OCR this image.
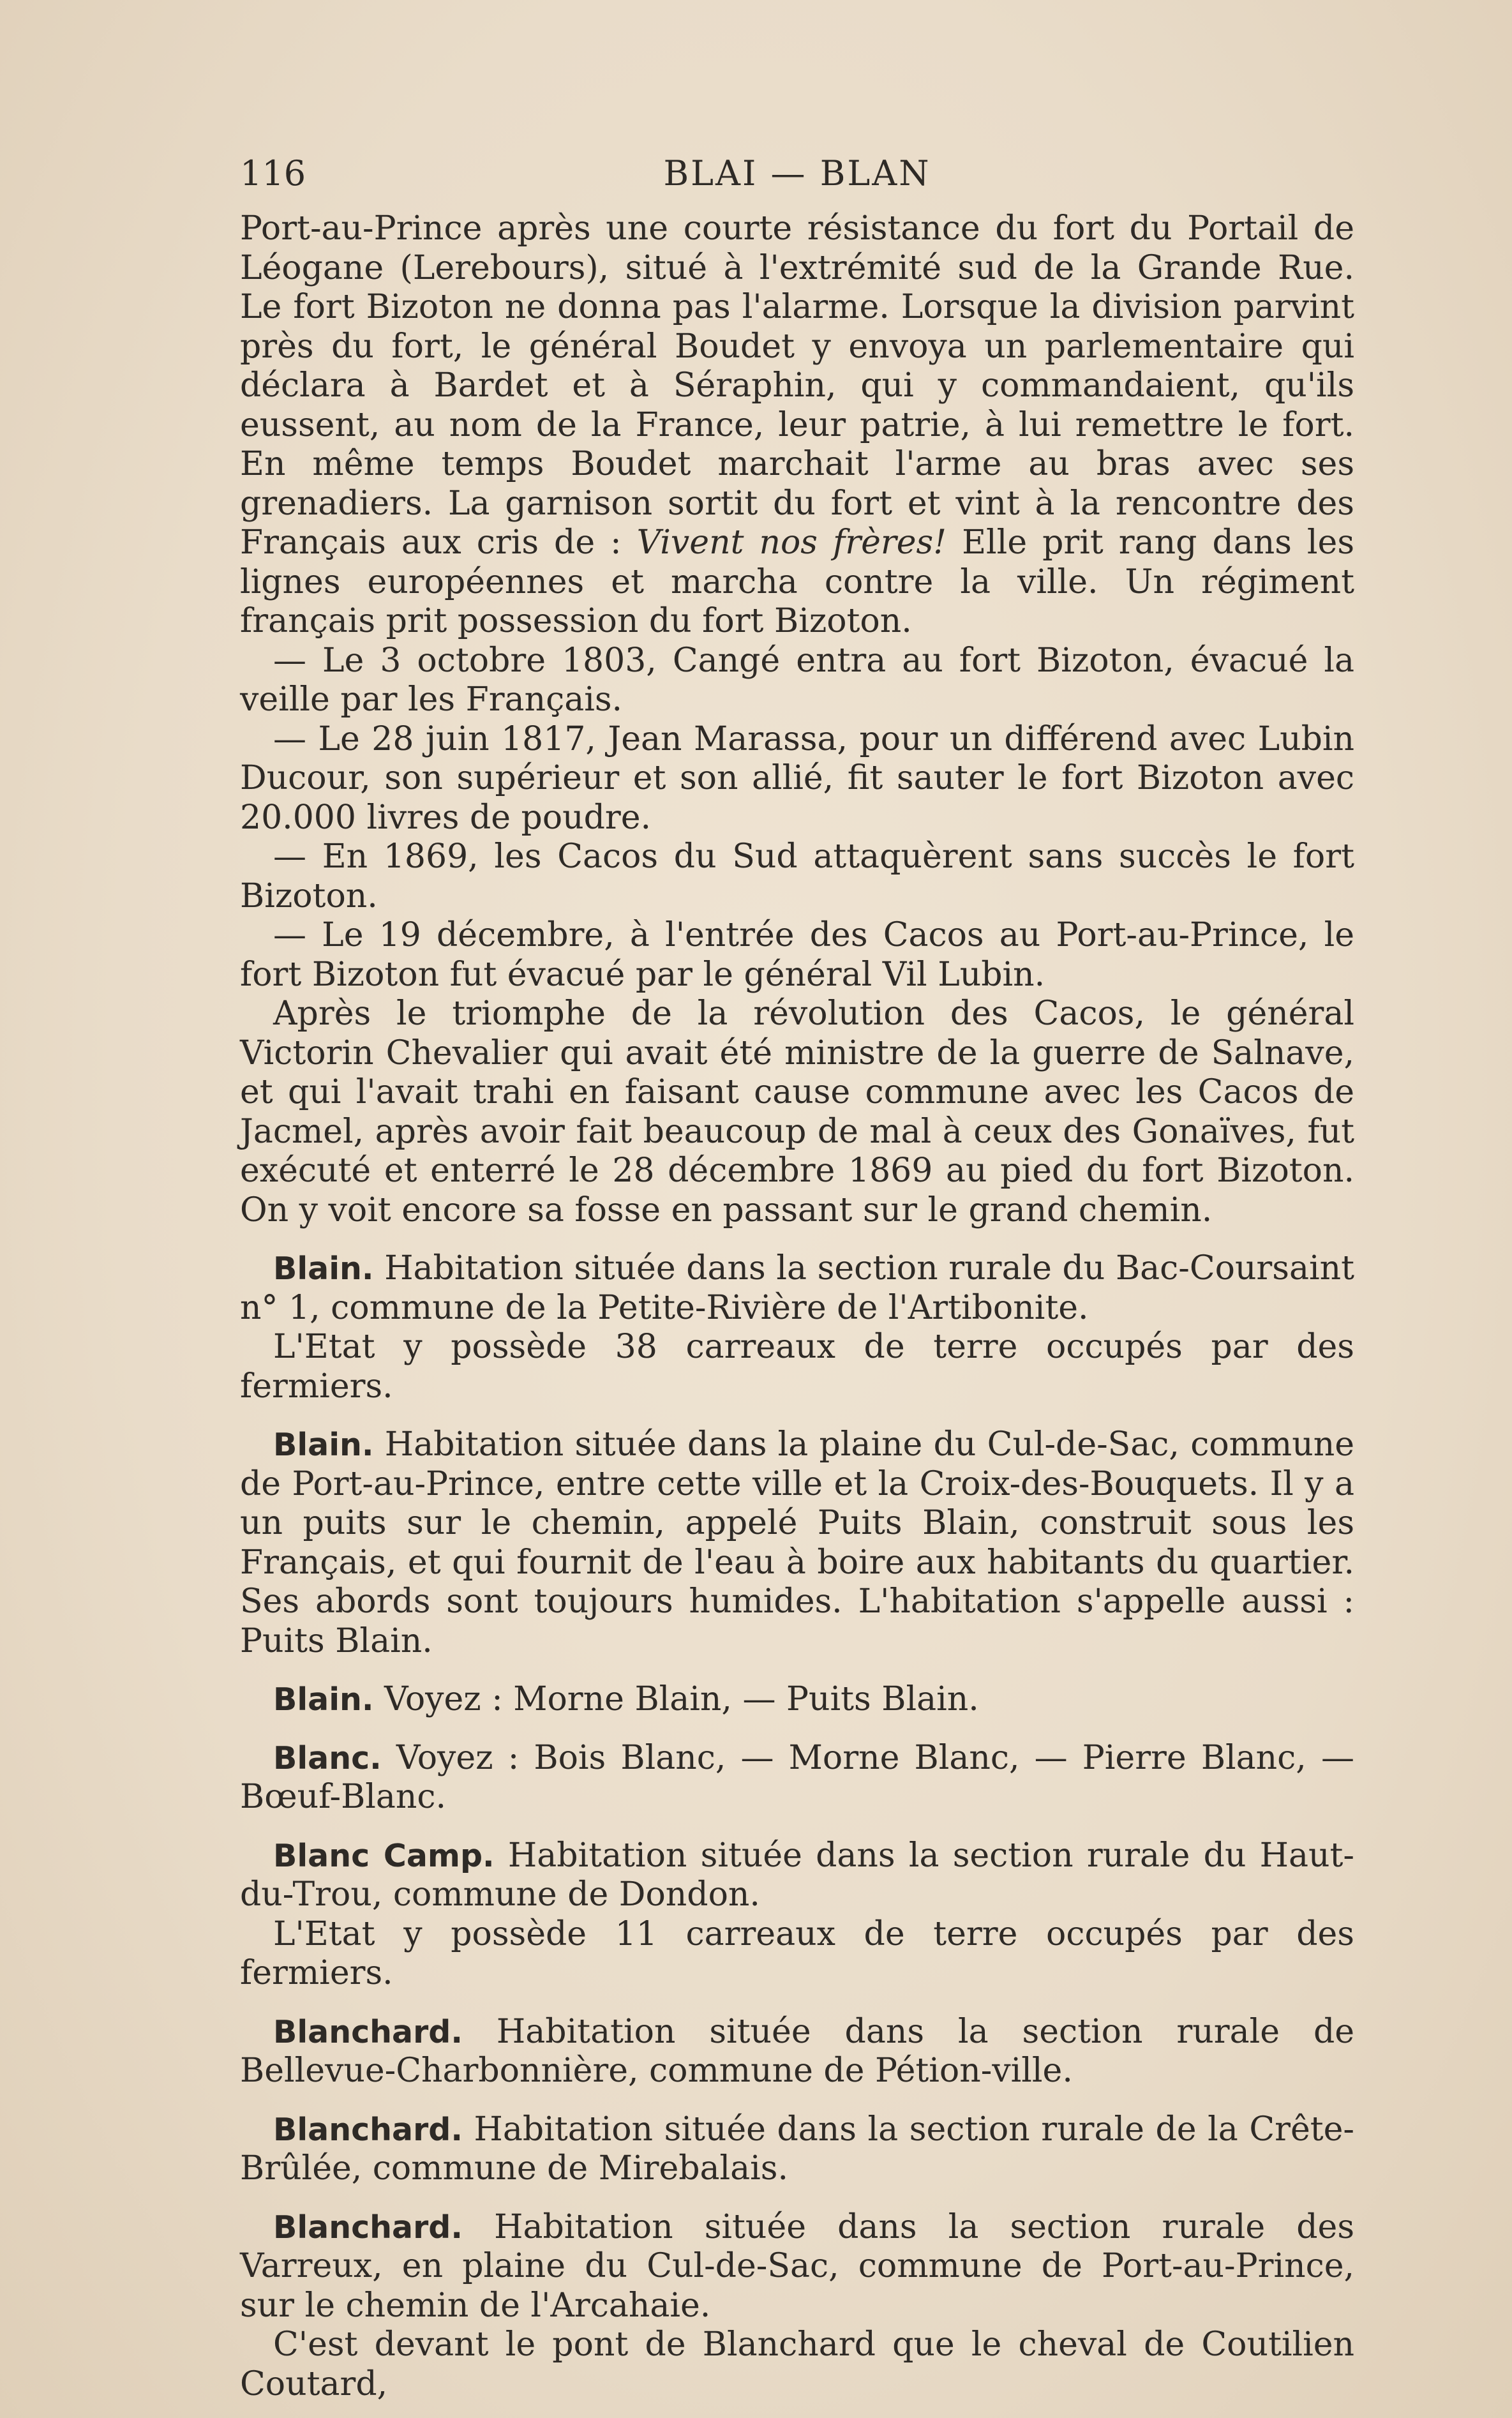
116	BLAI — BLAN

Port-au-Prince après une courte résistance du fort du Portail de Léogane (Lerebours), situé à l'extrémité sud de la Grande Rue. Le fort Bizoton ne donna pas l'alarme. Lorsque la division parvint près du fort, le général Boudet y envoya un parlementaire qui déclara à Bardet et à Séraphin, qui y commandaient, qu'ils eussent, au nom de la France, leur patrie, à lui remettre le fort. En même temps Boudet marchait l'arme au bras avec ses grenadiers. La garnison sortit du fort et vint à la rencontre des Français aux cris de : Vivent nos frères! Elle prit rang dans les lignes européennes et marcha contre la ville. Un régiment français prit possession du fort Bizoton.

— Le 3 octobre 1803, Cangé entra au fort Bizoton, évacué la veille par les Français.

— Le 28 juin 1817, Jean Marassa, pour un différend avec Lubin Ducour, son supérieur et son allié, fit sauter le fort Bizoton avec 20.000 livres de poudre.

— En 1869, les Cacos du Sud attaquèrent sans succès le fort Bizoton.

— Le 19 décembre, à l'entrée des Cacos au Port-au-Prince, le fort Bizoton fut évacué par le général Vil Lubin.

Après le triomphe de la révolution des Cacos, le général Victorin Chevalier qui avait été ministre de la guerre de Salnave, et qui l'avait trahi en faisant cause commune avec les Cacos de Jacmel, après avoir fait beaucoup de mal à ceux des Gonaïves, fut exécuté et enterré le 28 décembre 1869 au pied du fort Bizoton. On y voit encore sa fosse en passant sur le grand chemin.

Blain. Habitation située dans la section rurale du Bac-Coursaint n° 1, commune de la Petite-Rivière de l'Artibonite.

L'Etat y possède 38 carreaux de terre occupés par des fermiers.

Blain. Habitation située dans la plaine du Cul-de-Sac, commune de Port-au-Prince, entre cette ville et la Croix-des-Bouquets. Il y a un puits sur le chemin, appelé Puits Blain, construit sous les Français, et qui fournit de l'eau à boire aux habitants du quartier. Ses abords sont toujours humides. L'habitation s'appelle aussi : Puits Blain.

Blain. Voyez : Morne Blain, — Puits Blain.

Blanc. Voyez : Bois Blanc, — Morne Blanc, — Pierre Blanc, — Bœuf-Blanc.

Blanc Camp. Habitation située dans la section rurale du Haut-du-Trou, commune de Dondon.

L'Etat y possède 11 carreaux de terre occupés par des fermiers.

Blanchard. Habitation située dans la section rurale de Bellevue-Charbonnière, commune de Pétion-ville.

Blanchard. Habitation située dans la section rurale de la Crête-Brûlée, commune de Mirebalais.

Blanchard. Habitation située dans la section rurale des Varreux, en plaine du Cul-de-Sac, commune de Port-au-Prince, sur le chemin de l'Arcahaie.

C'est devant le pont de Blanchard que le cheval de Coutilien Coutard,
